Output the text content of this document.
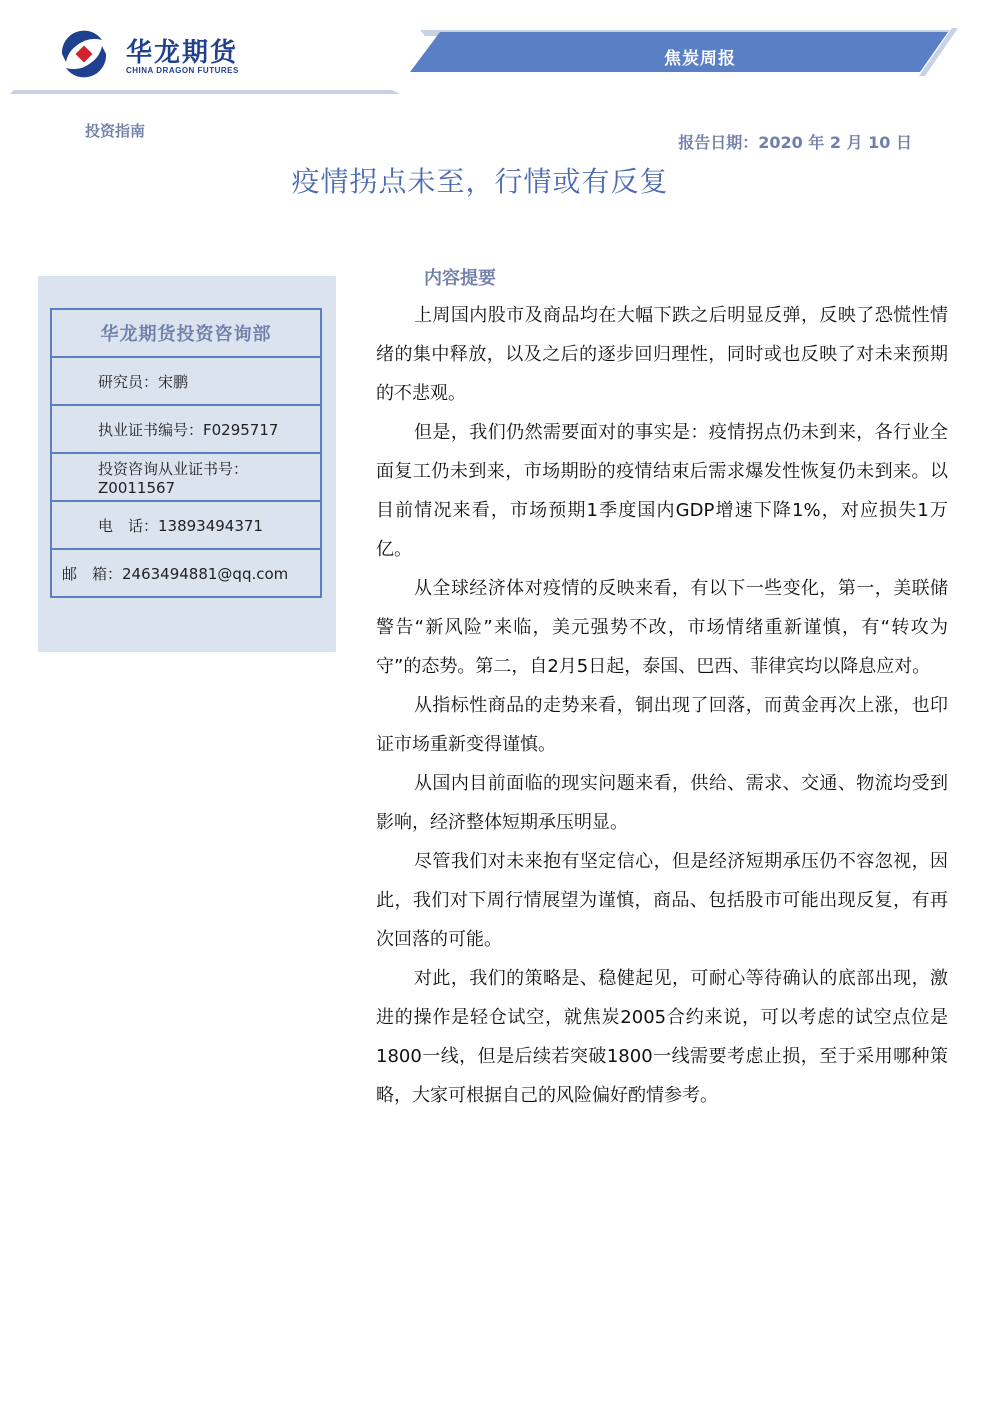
焦炭周报
华龙期货
CHINA DRAGON FUTURES
投资指南
报告日期：2020 年 2 月 10 日
疫情拐点未至，行情或有反复
华龙期货投资咨询部
研究员：宋鹏
执业证书编号：F0295717
投资咨询从业证书号：Z0011567
电　话：13893494371
邮　箱：2463494881@qq.com
内容提要

上周国内股市及商品均在大幅下跌之后明显反弹，反映了恐慌性情绪的集中释放，以及之后的逐步回归理性，同时或也反映了对未来预期的不悲观。

但是，我们仍然需要面对的事实是：疫情拐点仍未到来，各行业全面复工仍未到来，市场期盼的疫情结束后需求爆发性恢复仍未到来。以目前情况来看，市场预期1季度国内GDP增速下降1%，对应损失1万亿。

从全球经济体对疫情的反映来看，有以下一些变化，第一，美联储警告“新风险”来临，美元强势不改，市场情绪重新谨慎，有“转攻为守”的态势。第二，自2月5日起，泰国、巴西、菲律宾均以降息应对。

从指标性商品的走势来看，铜出现了回落，而黄金再次上涨，也印证市场重新变得谨慎。

从国内目前面临的现实问题来看，供给、需求、交通、物流均受到影响，经济整体短期承压明显。

尽管我们对未来抱有坚定信心，但是经济短期承压仍不容忽视，因此，我们对下周行情展望为谨慎，商品、包括股市可能出现反复，有再次回落的可能。

对此，我们的策略是、稳健起见，可耐心等待确认的底部出现，激进的操作是轻仓试空，就焦炭2005合约来说，可以考虑的试空点位是1800一线，但是后续若突破1800一线需要考虑止损，至于采用哪种策略，大家可根据自己的风险偏好酌情参考。
